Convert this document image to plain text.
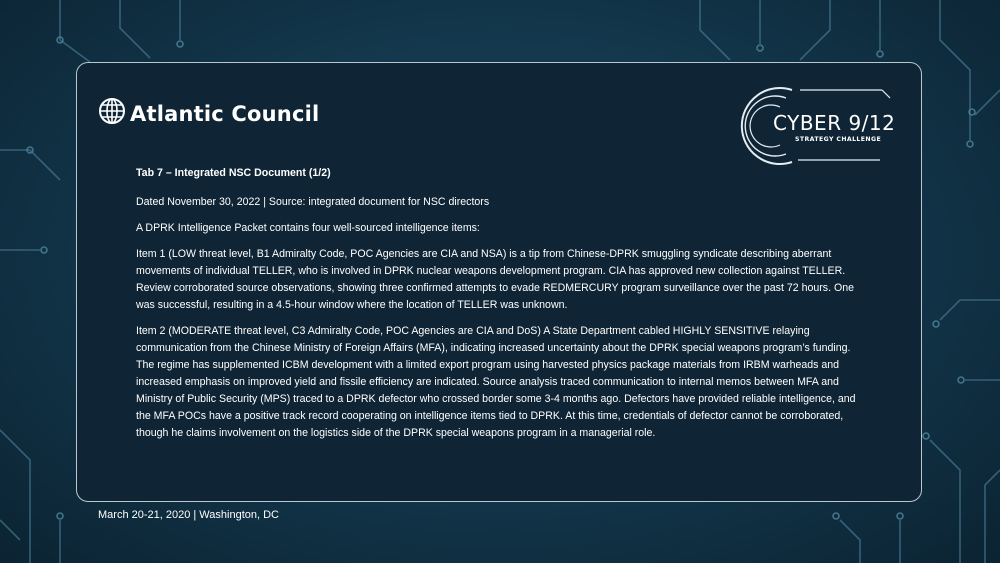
Atlantic Council	CYBER 9/12
STRATEGY CHALLENGE
Tab 7 – Integrated NSC Document (1/2)
Dated November 30, 2022 | Source: integrated document for NSC directors
A DPRK Intelligence Packet contains four well-sourced intelligence items:
Item 1 (LOW threat level, B1 Admiralty Code, POC Agencies are CIA and NSA) is a tip from Chinese-DPRK smuggling syndicate describing aberrant movements of individual TELLER, who is involved in DPRK nuclear weapons development program. CIA has approved new collection against TELLER. Review corroborated source observations, showing three confirmed attempts to evade REDMERCURY program surveillance over the past 72 hours. One was successful, resulting in a 4.5-hour window where the location of TELLER was unknown.
Item 2 (MODERATE threat level, C3 Admiralty Code, POC Agencies are CIA and DoS) A State Department cabled HIGHLY SENSITIVE relaying communication from the Chinese Ministry of Foreign Affairs (MFA), indicating increased uncertainty about the DPRK special weapons program’s funding. The regime has supplemented ICBM development with a limited export program using harvested physics package materials from IRBM warheads and increased emphasis on improved yield and fissile efficiency are indicated. Source analysis traced communication to internal memos between MFA and Ministry of Public Security (MPS) traced to a DPRK defector who crossed border some 3-4 months ago. Defectors have provided reliable intelligence, and the MFA POCs have a positive track record cooperating on intelligence items tied to DPRK. At this time, credentials of defector cannot be corroborated, though he claims involvement on the logistics side of the DPRK special weapons program in a managerial role.
March 20-21, 2020 | Washington, DC
